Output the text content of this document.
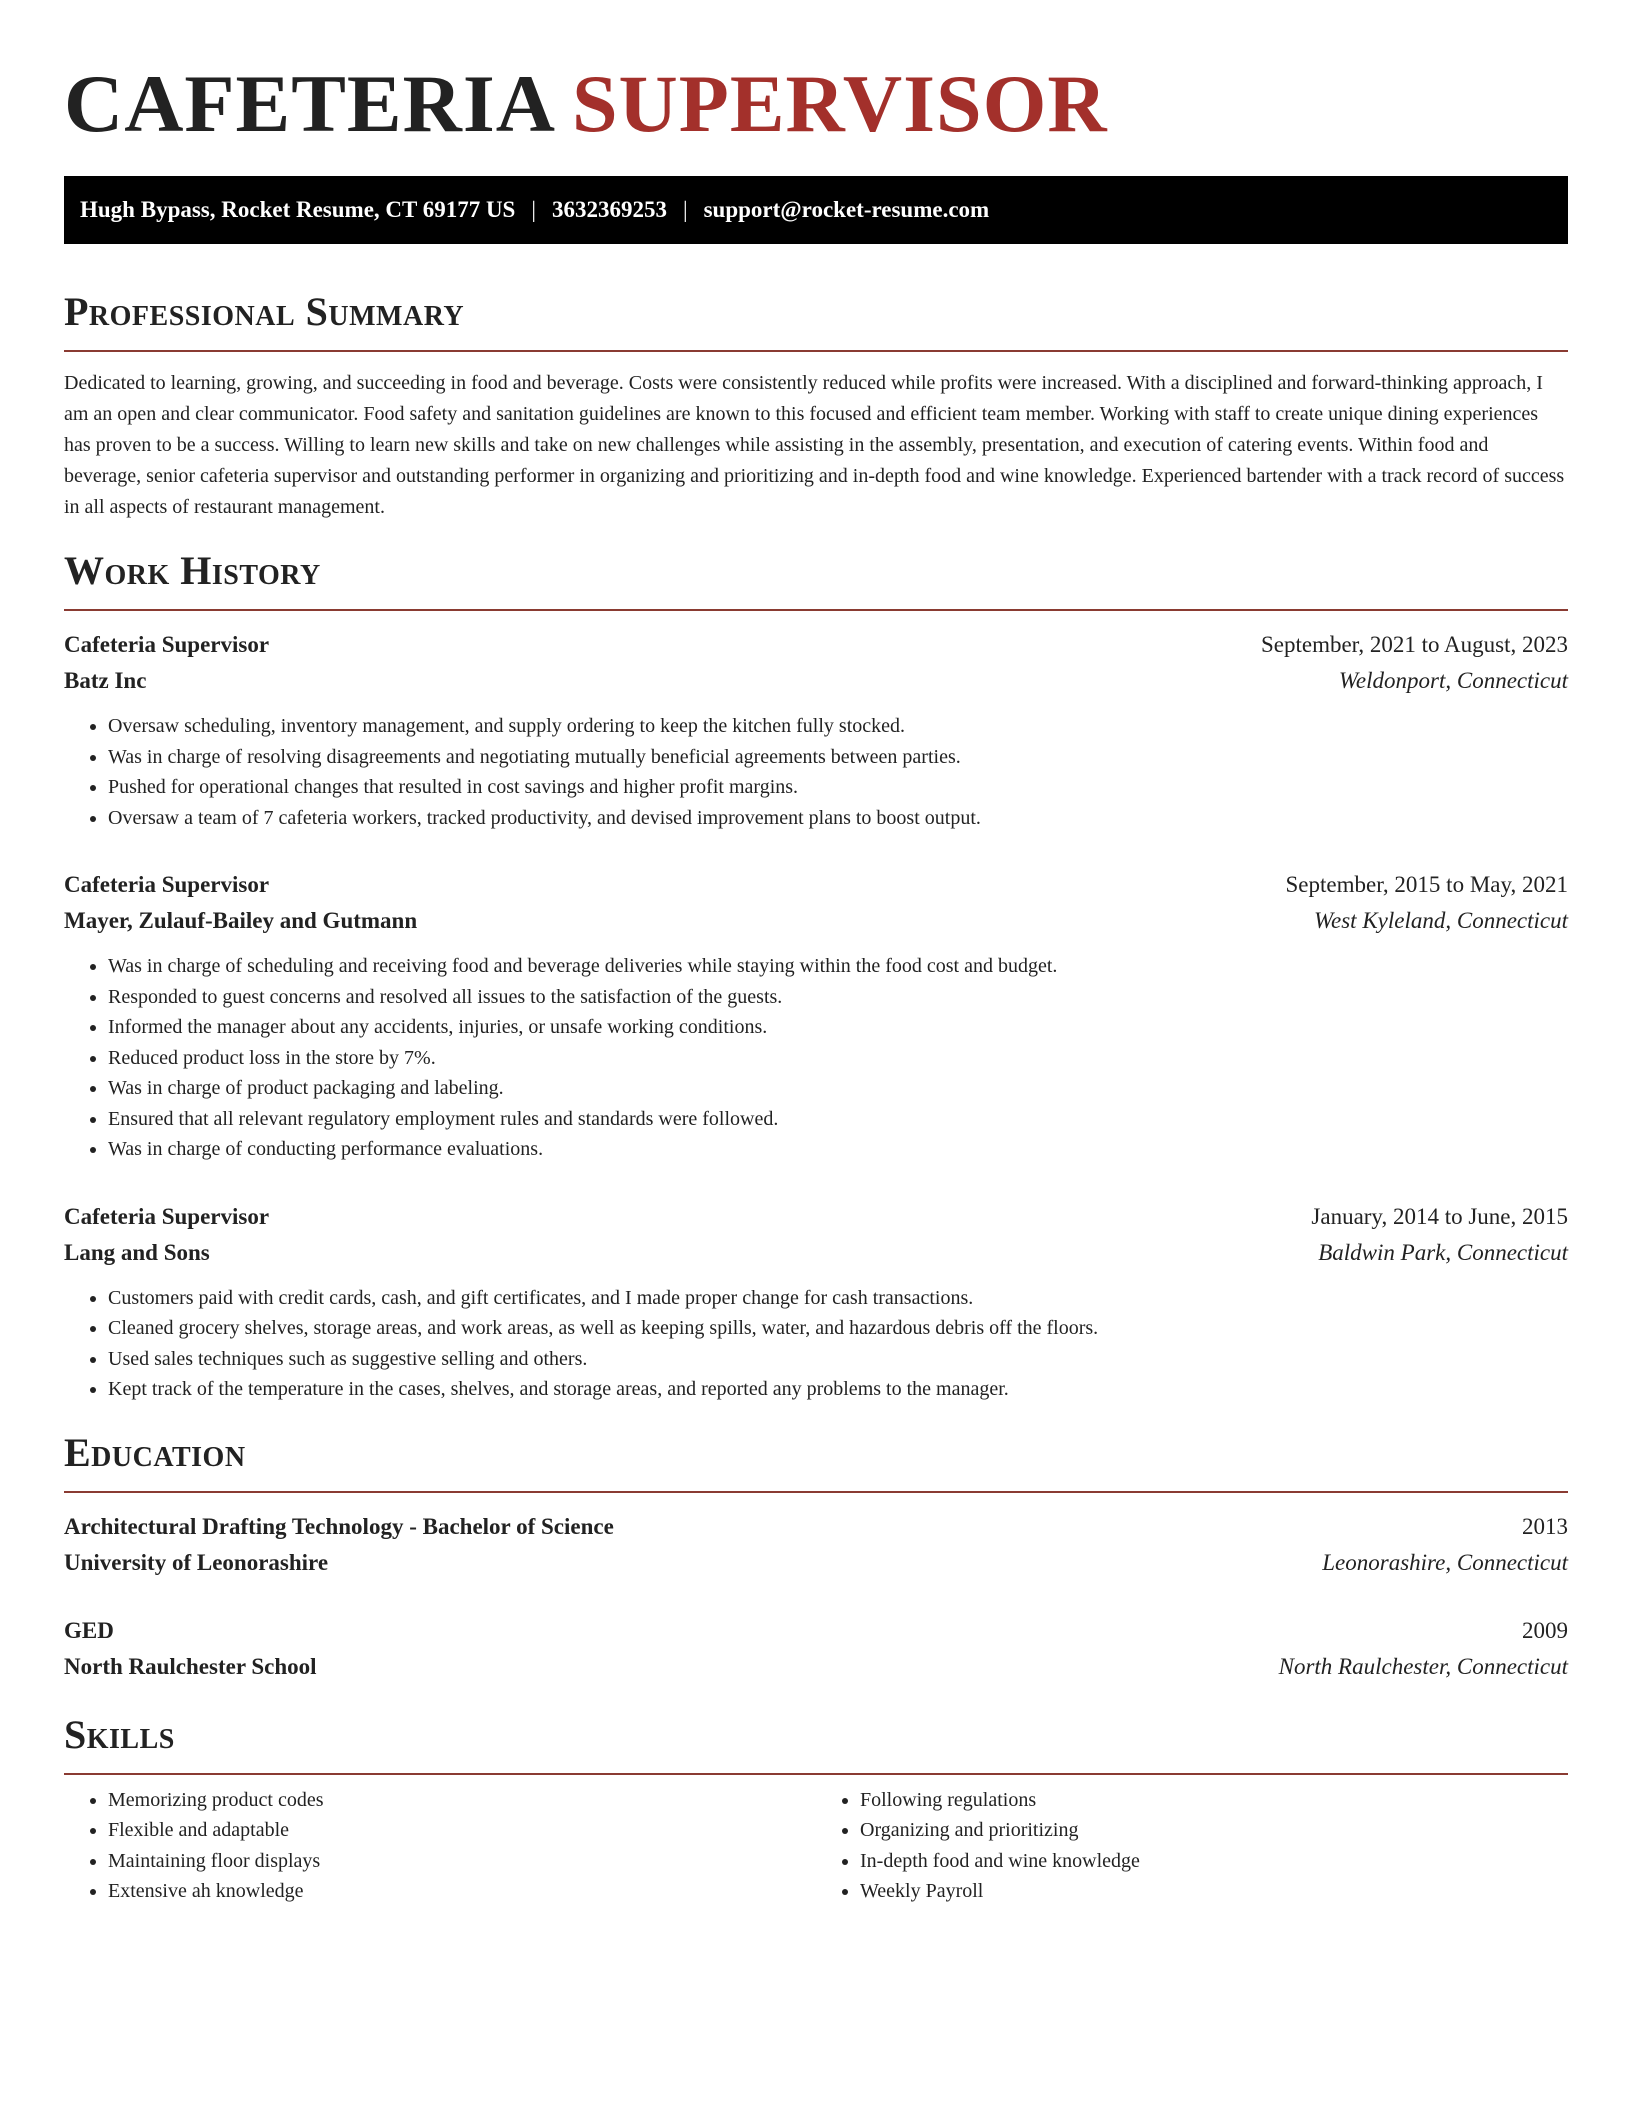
CAFETERIA SUPERVISOR
Hugh Bypass, Rocket Resume, CT 69177 US | 3632369253 | support@rocket-resume.com
Professional Summary

Dedicated to learning, growing, and succeeding in food and beverage. Costs were consistently reduced while profits were increased. With a disciplined and forward-thinking approach, I am an open and clear communicator. Food safety and sanitation guidelines are known to this focused and efficient team member. Working with staff to create unique dining experiences has proven to be a success. Willing to learn new skills and take on new challenges while assisting in the assembly, presentation, and execution of catering events. Within food and beverage, senior cafeteria supervisor and outstanding performer in organizing and prioritizing and in-depth food and wine knowledge. Experienced bartender with a track record of success in all aspects of restaurant management.

Work History
Cafeteria Supervisor	September, 2021 to August, 2023
Batz Inc	Weldonport, Connecticut
• Oversaw scheduling, inventory management, and supply ordering to keep the kitchen fully stocked.
• Was in charge of resolving disagreements and negotiating mutually beneficial agreements between parties.
• Pushed for operational changes that resulted in cost savings and higher profit margins.
• Oversaw a team of 7 cafeteria workers, tracked productivity, and devised improvement plans to boost output.
Cafeteria Supervisor	September, 2015 to May, 2021
Mayer, Zulauf-Bailey and Gutmann	West Kyleland, Connecticut
• Was in charge of scheduling and receiving food and beverage deliveries while staying within the food cost and budget.
• Responded to guest concerns and resolved all issues to the satisfaction of the guests.
• Informed the manager about any accidents, injuries, or unsafe working conditions.
• Reduced product loss in the store by 7%.
• Was in charge of product packaging and labeling.
• Ensured that all relevant regulatory employment rules and standards were followed.
• Was in charge of conducting performance evaluations.
Cafeteria Supervisor	January, 2014 to June, 2015
Lang and Sons	Baldwin Park, Connecticut
• Customers paid with credit cards, cash, and gift certificates, and I made proper change for cash transactions.
• Cleaned grocery shelves, storage areas, and work areas, as well as keeping spills, water, and hazardous debris off the floors.
• Used sales techniques such as suggestive selling and others.
• Kept track of the temperature in the cases, shelves, and storage areas, and reported any problems to the manager.
Education
Architectural Drafting Technology - Bachelor of Science	2013
University of Leonorashire	Leonorashire, Connecticut
GED	2009
North Raulchester School	North Raulchester, Connecticut
Skills
• Memorizing product codes
• Flexible and adaptable
• Maintaining floor displays
• Extensive ah knowledge
• Following regulations
• Organizing and prioritizing
• In-depth food and wine knowledge
• Weekly Payroll
